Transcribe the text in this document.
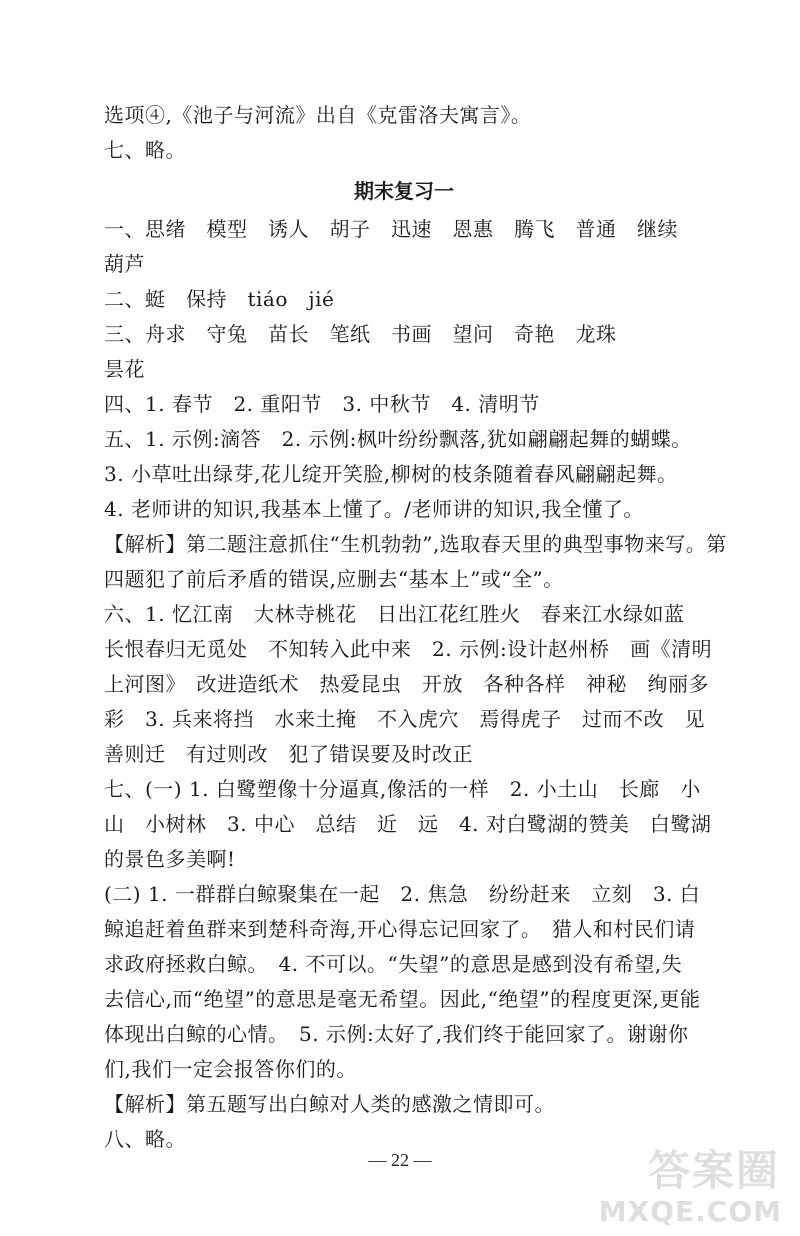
选项④,《池子与河流》出自《克雷洛夫寓言》。
七、略。
期末复习一
一、思绪　模型　诱人　胡子　迅速　恩惠　腾飞　普通　继续
葫芦
二、蜓　保持　tiáo　jié
三、舟求　守兔　苗长　笔纸　书画　望问　奇艳　龙珠
昙花
四、1. 春节　2. 重阳节　3. 中秋节　4. 清明节
五、1. 示例:滴答　2. 示例:枫叶纷纷飘落,犹如翩翩起舞的蝴蝶。
3. 小草吐出绿芽,花儿绽开笑脸,柳树的枝条随着春风翩翩起舞。
4. 老师讲的知识,我基本上懂了。/老师讲的知识,我全懂了。
【解析】第二题注意抓住“生机勃勃”,选取春天里的典型事物来写。第
四题犯了前后矛盾的错误,应删去“基本上”或“全”。
六、1. 忆江南　大林寺桃花　日出江花红胜火　春来江水绿如蓝
长恨春归无觅处　不知转入此中来　2. 示例:设计赵州桥　画《清明
上河图》　改进造纸术　热爱昆虫　开放　各种各样　神秘　绚丽多
彩　3. 兵来将挡　水来土掩　不入虎穴　焉得虎子　过而不改　见
善则迁　有过则改　犯了错误要及时改正
七、(一) 1. 白鹭塑像十分逼真,像活的一样　2. 小土山　长廊　小
山　小树林　3. 中心　总结　近　远　4. 对白鹭湖的赞美　白鹭湖
的景色多美啊!
(二) 1. 一群群白鲸聚集在一起　2. 焦急　纷纷赶来　立刻　3. 白
鲸追赶着鱼群来到楚科奇海,开心得忘记回家了。　猎人和村民们请
求政府拯救白鲸。　4. 不可以。“失望”的意思是感到没有希望,失
去信心,而“绝望”的意思是毫无希望。因此,“绝望”的程度更深,更能
体现出白鲸的心情。　5. 示例:太好了,我们终于能回家了。谢谢你
们,我们一定会报答你们的。
【解析】第五题写出白鲸对人类的感激之情即可。
八、略。
— 22 —	答案圈
MXQE.COM
